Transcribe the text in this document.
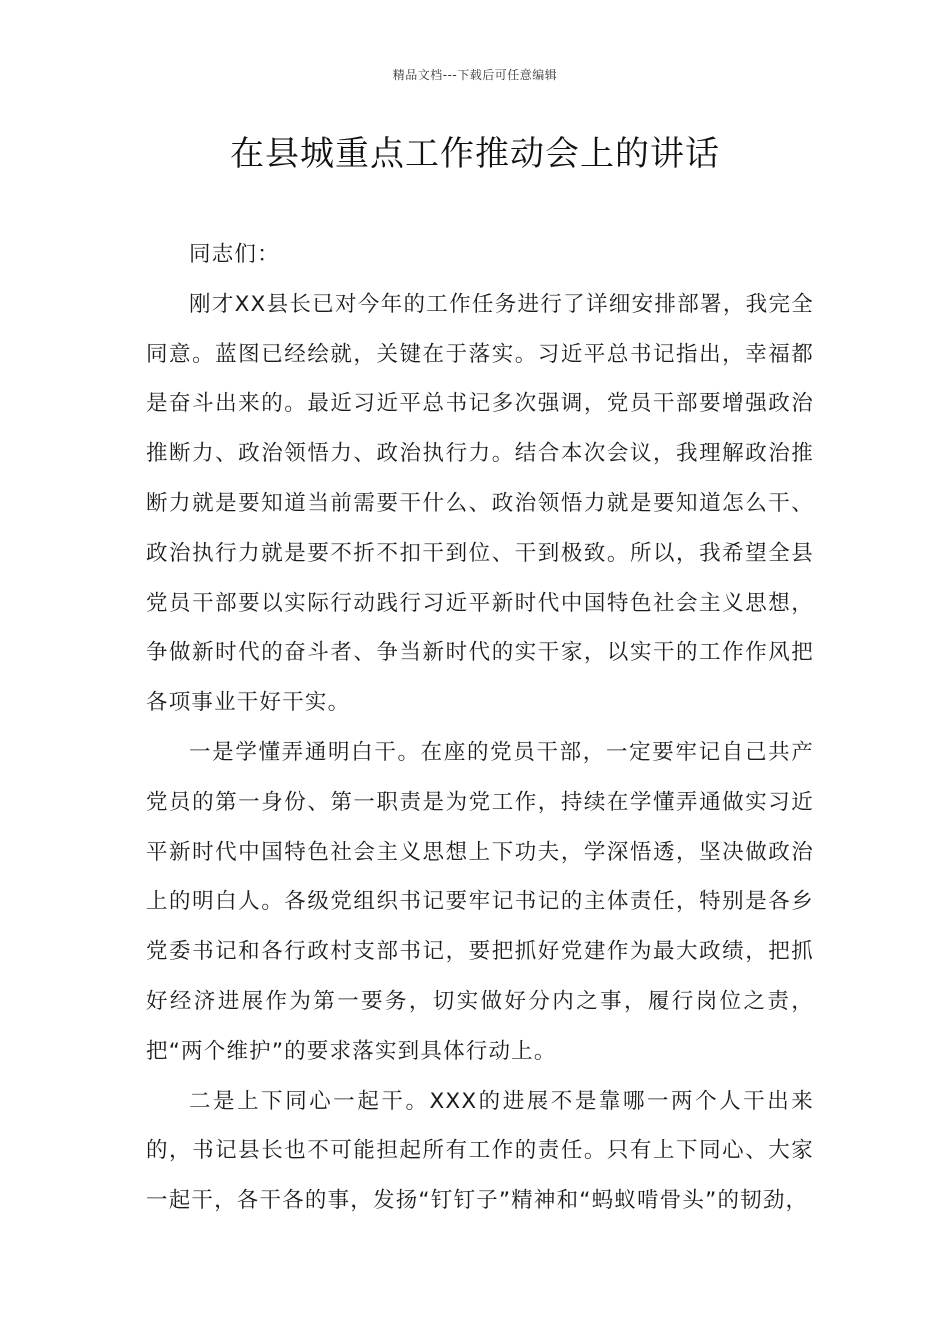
精品文档---下载后可任意编辑
在县城重点工作推动会上的讲话

同志们：

刚才XX县长已对今年的工作任务进行了详细安排部署，我完全同意。蓝图已经绘就，关键在于落实。习近平总书记指出，幸福都是奋斗出来的。最近习近平总书记多次强调，党员干部要增强政治推断力、政治领悟力、政治执行力。结合本次会议，我理解政治推断力就是要知道当前需要干什么、政治领悟力就是要知道怎么干、政治执行力就是要不折不扣干到位、干到极致。所以，我希望全县党员干部要以实际行动践行习近平新时代中国特色社会主义思想，争做新时代的奋斗者、争当新时代的实干家，以实干的工作作风把各项事业干好干实。

一是学懂弄通明白干。在座的党员干部，一定要牢记自己共产党员的第一身份、第一职责是为党工作，持续在学懂弄通做实习近平新时代中国特色社会主义思想上下功夫，学深悟透，坚决做政治上的明白人。各级党组织书记要牢记书记的主体责任，特别是各乡党委书记和各行政村支部书记，要把抓好党建作为最大政绩，把抓好经济进展作为第一要务，切实做好分内之事，履行岗位之责，把“两个维护”的要求落实到具体行动上。

二是上下同心一起干。XXX的进展不是靠哪一两个人干出来的，书记县长也不可能担起所有工作的责任。只有上下同心、大家一起干，各干各的事，发扬“钉钉子”精神和“蚂蚁啃骨头”的韧劲，
